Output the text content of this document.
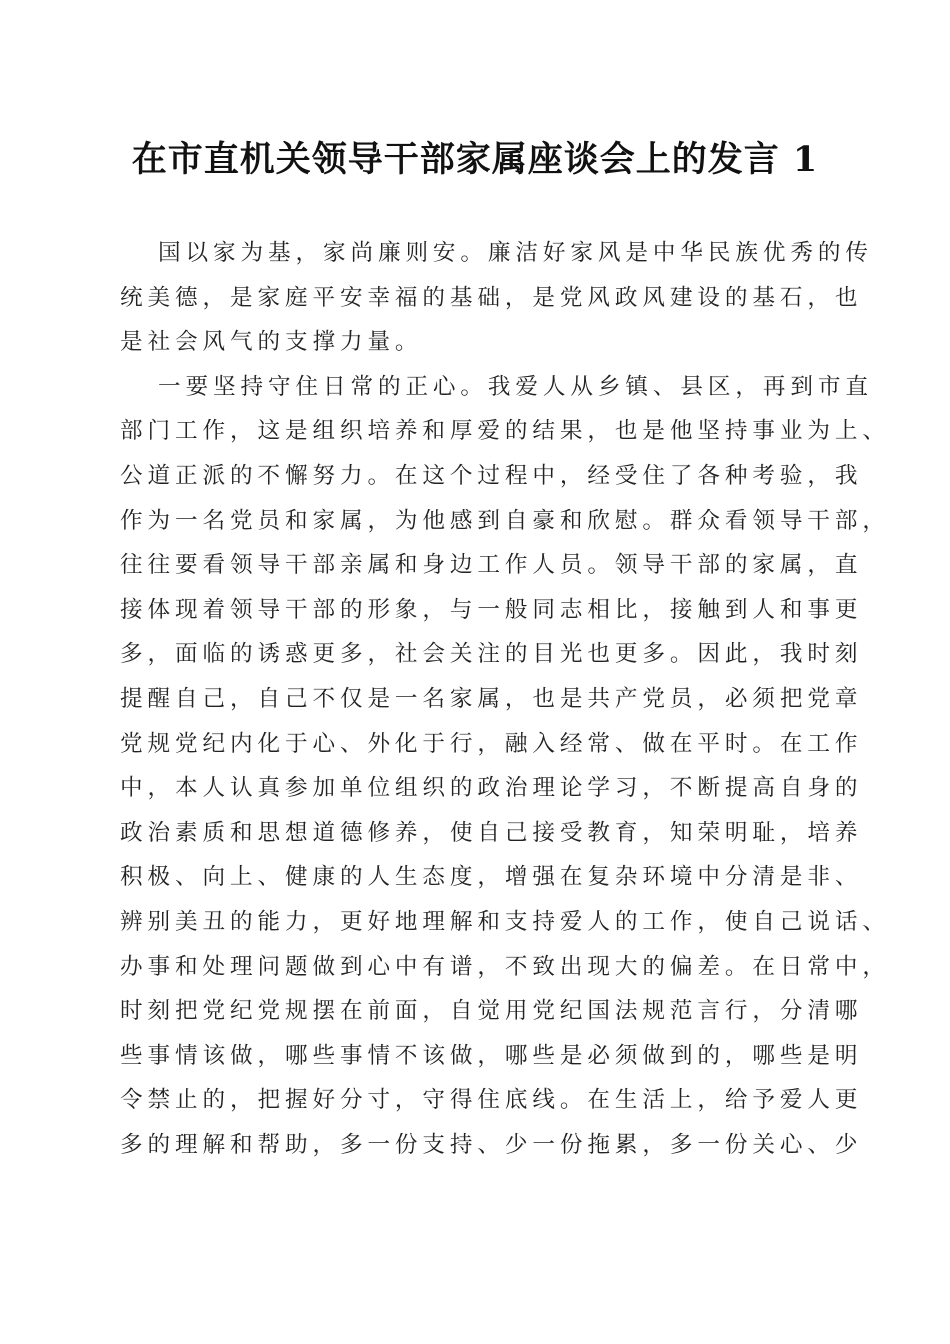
在市直机关领导干部家属座谈会上的发言 1
国以家为基，家尚廉则安。廉洁好家风是中华民族优秀的传
统美德，是家庭平安幸福的基础，是党风政风建设的基石，也
是社会风气的支撑力量。
一要坚持守住日常的正心。我爱人从乡镇、县区，再到市直
部门工作，这是组织培养和厚爱的结果，也是他坚持事业为上、
公道正派的不懈努力。在这个过程中，经受住了各种考验，我
作为一名党员和家属，为他感到自豪和欣慰。群众看领导干部，
往往要看领导干部亲属和身边工作人员。领导干部的家属，直
接体现着领导干部的形象，与一般同志相比，接触到人和事更
多，面临的诱惑更多，社会关注的目光也更多。因此，我时刻
提醒自己，自己不仅是一名家属，也是共产党员，必须把党章
党规党纪内化于心、外化于行，融入经常、做在平时。在工作
中，本人认真参加单位组织的政治理论学习，不断提高自身的
政治素质和思想道德修养，使自己接受教育，知荣明耻，培养
积极、向上、健康的人生态度，增强在复杂环境中分清是非、
辨别美丑的能力，更好地理解和支持爱人的工作，使自己说话、
办事和处理问题做到心中有谱，不致出现大的偏差。在日常中，
时刻把党纪党规摆在前面，自觉用党纪国法规范言行，分清哪
些事情该做，哪些事情不该做，哪些是必须做到的，哪些是明
令禁止的，把握好分寸，守得住底线。在生活上，给予爱人更
多的理解和帮助，多一份支持、少一份拖累，多一份关心、少
